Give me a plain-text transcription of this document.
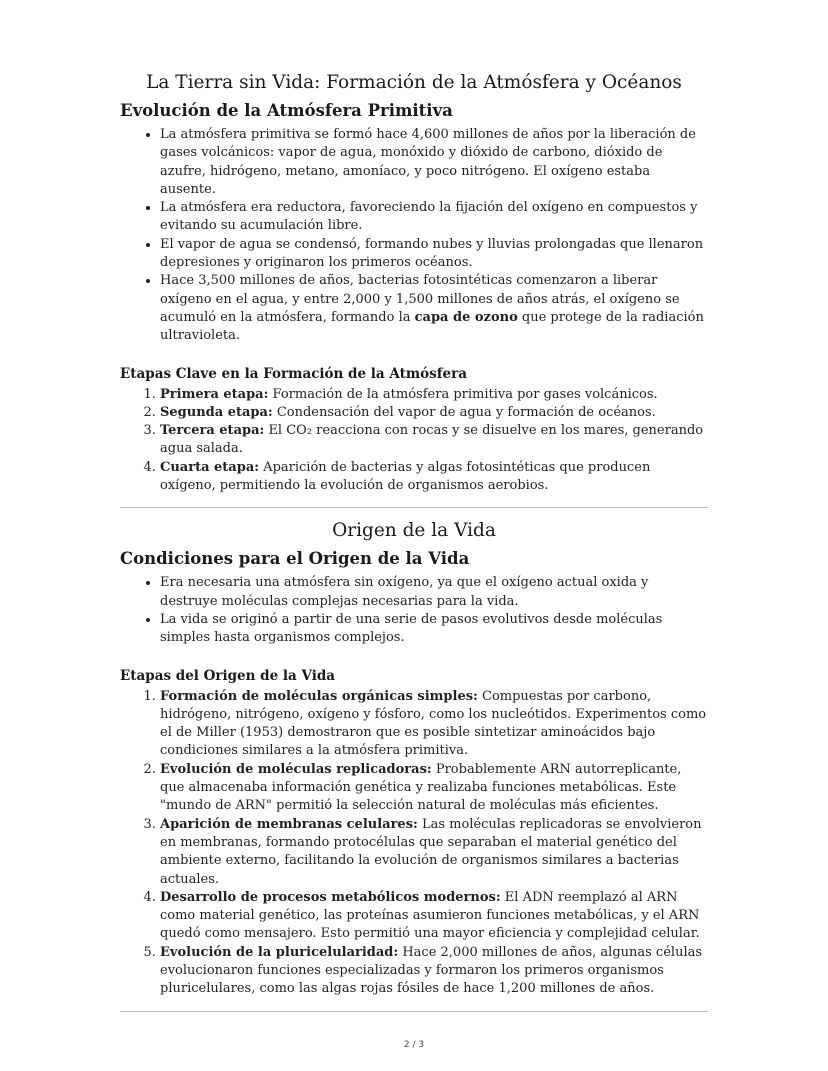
La Tierra sin Vida: Formación de la Atmósfera y Océanos
Evolución de la Atmósfera Primitiva
• La atmósfera primitiva se formó hace 4,600 millones de años por la liberación de gases volcánicos: vapor de agua, monóxido y dióxido de carbono, dióxido de azufre, hidrógeno, metano, amoníaco, y poco nitrógeno. El oxígeno estaba ausente.
• La atmósfera era reductora, favoreciendo la fijación del oxígeno en compuestos y evitando su acumulación libre.
• El vapor de agua se condensó, formando nubes y lluvias prolongadas que llenaron depresiones y originaron los primeros océanos.
• Hace 3,500 millones de años, bacterias fotosintéticas comenzaron a liberar oxígeno en el agua, y entre 2,000 y 1,500 millones de años atrás, el oxígeno se acumuló en la atmósfera, formando la capa de ozono que protege de la radiación ultravioleta.
Etapas Clave en la Formación de la Atmósfera
1. Primera etapa: Formación de la atmósfera primitiva por gases volcánicos.
2. Segunda etapa: Condensación del vapor de agua y formación de océanos.
3. Tercera etapa: El CO₂ reacciona con rocas y se disuelve en los mares, generando agua salada.
4. Cuarta etapa: Aparición de bacterias y algas fotosintéticas que producen oxígeno, permitiendo la evolución de organismos aerobios.
Origen de la Vida
Condiciones para el Origen de la Vida
• Era necesaria una atmósfera sin oxígeno, ya que el oxígeno actual oxida y destruye moléculas complejas necesarias para la vida.
• La vida se originó a partir de una serie de pasos evolutivos desde moléculas simples hasta organismos complejos.
Etapas del Origen de la Vida
1. Formación de moléculas orgánicas simples: Compuestas por carbono, hidrógeno, nitrógeno, oxígeno y fósforo, como los nucleótidos. Experimentos como el de Miller (1953) demostraron que es posible sintetizar aminoácidos bajo condiciones similares a la atmósfera primitiva.
2. Evolución de moléculas replicadoras: Probablemente ARN autorreplicante, que almacenaba información genética y realizaba funciones metabólicas. Este "mundo de ARN" permitió la selección natural de moléculas más eficientes.
3. Aparición de membranas celulares: Las moléculas replicadoras se envolvieron en membranas, formando protocélulas que separaban el material genético del ambiente externo, facilitando la evolución de organismos similares a bacterias actuales.
4. Desarrollo de procesos metabólicos modernos: El ADN reemplazó al ARN como material genético, las proteínas asumieron funciones metabólicas, y el ARN quedó como mensajero. Esto permitió una mayor eficiencia y complejidad celular.
5. Evolución de la pluricelularidad: Hace 2,000 millones de años, algunas células evolucionaron funciones especializadas y formaron los primeros organismos pluricelulares, como las algas rojas fósiles de hace 1,200 millones de años.
2 / 3
